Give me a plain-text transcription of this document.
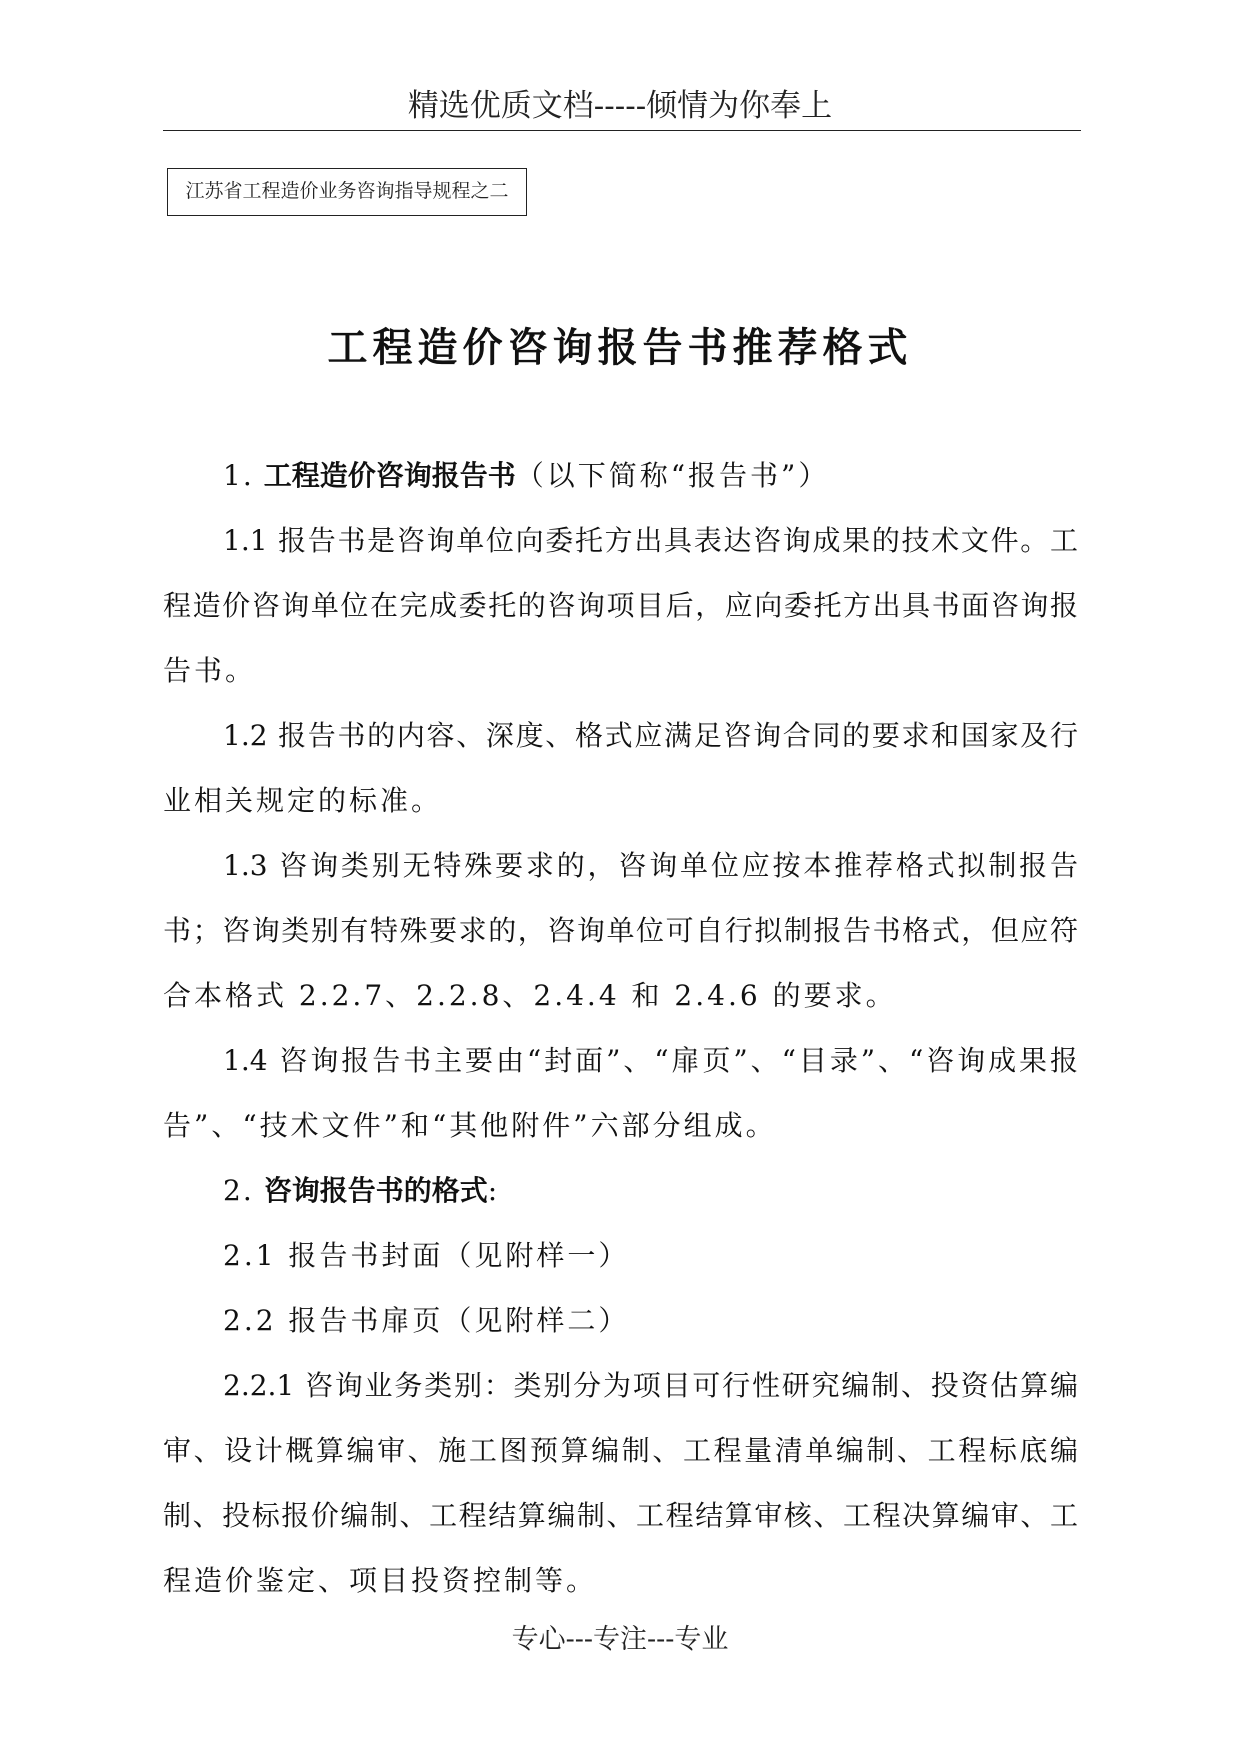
精选优质文档-----倾情为你奉上
江苏省工程造价业务咨询指导规程之二
工程造价咨询报告书推荐格式
1. 工程造价咨询报告书（以下简称“报告书”）
1.1 报告书是咨询单位向委托方出具表达咨询成果的技术文件。工
程造价咨询单位在完成委托的咨询项目后，应向委托方出具书面咨询报
告书。
1.2 报告书的内容、深度、格式应满足咨询合同的要求和国家及行
业相关规定的标准。
1.3 咨询类别无特殊要求的，咨询单位应按本推荐格式拟制报告
书；咨询类别有特殊要求的，咨询单位可自行拟制报告书格式，但应符
合本格式 2.2.7、2.2.8、2.4.4 和 2.4.6 的要求。
1.4 咨询报告书主要由“封面”、“扉页”、“目录”、“咨询成果报
告”、“技术文件”和“其他附件”六部分组成。
2. 咨询报告书的格式:
2.1 报告书封面（见附样一）
2.2 报告书扉页（见附样二）
2.2.1 咨询业务类别：类别分为项目可行性研究编制、投资估算编
审、设计概算编审、施工图预算编制、工程量清单编制、工程标底编
制、投标报价编制、工程结算编制、工程结算审核、工程决算编审、工
程造价鉴定、项目投资控制等。
专心---专注---专业
